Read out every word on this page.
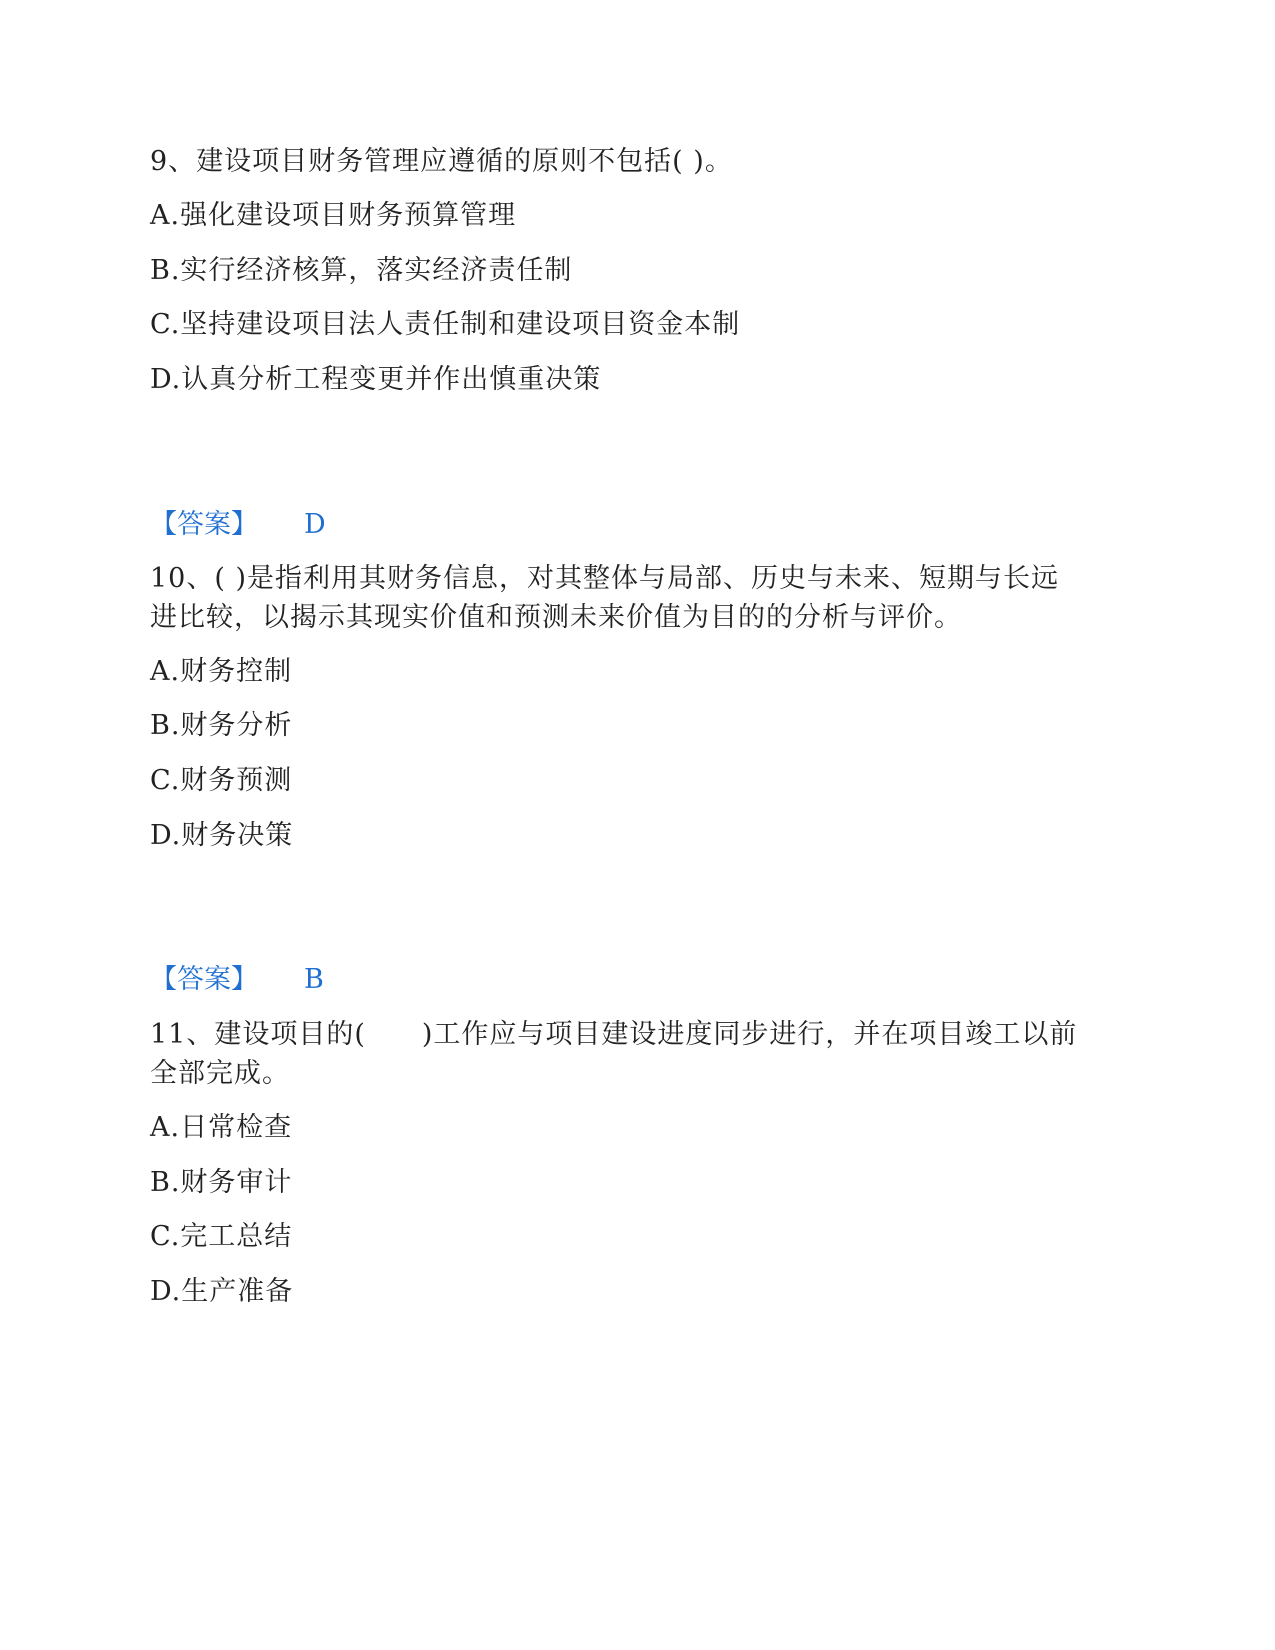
9、建设项目财务管理应遵循的原则不包括( )。
A.强化建设项目财务预算管理
B.实行经济核算，落实经济责任制
C.坚持建设项目法人责任制和建设项目资金本制
D.认真分析工程变更并作出慎重决策
【答案】 D
10、( )是指利用其财务信息，对其整体与局部、历史与未来、短期与长远
进比较，以揭示其现实价值和预测未来价值为目的的分析与评价。
A.财务控制
B.财务分析
C.财务预测
D.财务决策
【答案】 B
11、建设项目的(　　)工作应与项目建设进度同步进行，并在项目竣工以前
全部完成。
A.日常检查
B.财务审计
C.完工总结
D.生产准备
